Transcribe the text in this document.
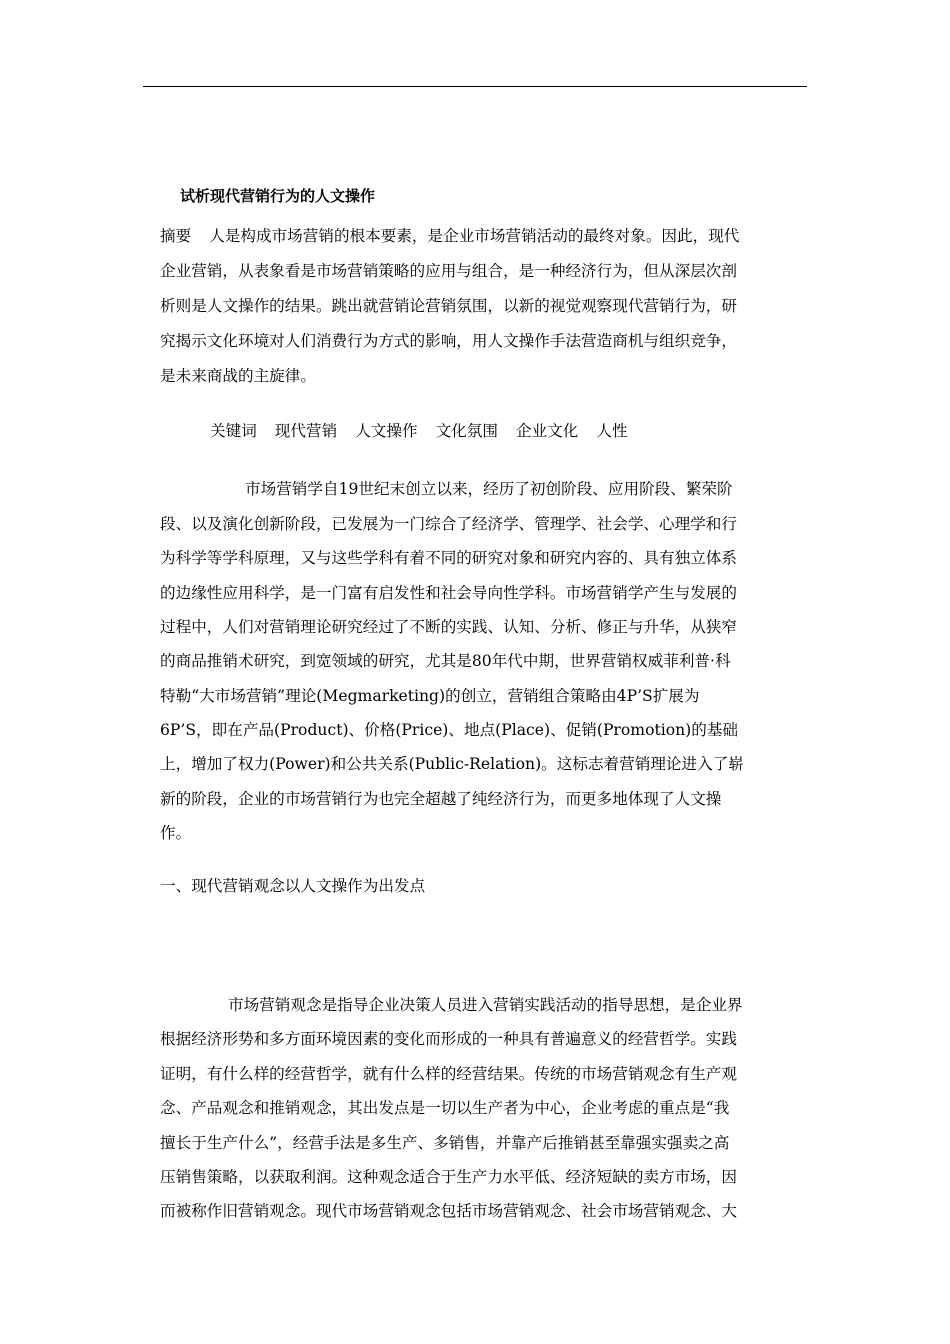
试析现代营销行为的人文操作
摘要 人是构成市场营销的根本要素，是企业市场营销活动的最终对象。因此，现代
企业营销，从表象看是市场营销策略的应用与组合，是一种经济行为，但从深层次剖
析则是人文操作的结果。跳出就营销论营销氛围，以新的视觉观察现代营销行为，研
究揭示文化环境对人们消费行为方式的影响，用人文操作手法营造商机与组织竞争，
是未来商战的主旋律。
关键词 现代营销 人文操作 文化氛围 企业文化 人性
市场营销学自19世纪末创立以来，经历了初创阶段、应用阶段、繁荣阶
段、以及演化创新阶段，已发展为一门综合了经济学、管理学、社会学、心理学和行
为科学等学科原理，又与这些学科有着不同的研究对象和研究内容的、具有独立体系
的边缘性应用科学，是一门富有启发性和社会导向性学科。市场营销学产生与发展的
过程中，人们对营销理论研究经过了不断的实践、认知、分析、修正与升华，从狭窄
的商品推销术研究，到宽领域的研究，尤其是80年代中期，世界营销权威菲利普·科
特勒“大市场营销”理论(Megmarketing)的创立，营销组合策略由4P’S扩展为
6P’S，即在产品(Product)、价格(Price)、地点(Place)、促销(Promotion)的基础
上，增加了权力(Power)和公共关系(Public-Relation)。这标志着营销理论进入了崭
新的阶段，企业的市场营销行为也完全超越了纯经济行为，而更多地体现了人文操
作。
一、现代营销观念以人文操作为出发点
市场营销观念是指导企业决策人员进入营销实践活动的指导思想，是企业界
根据经济形势和多方面环境因素的变化而形成的一种具有普遍意义的经营哲学。实践
证明，有什么样的经营哲学，就有什么样的经营结果。传统的市场营销观念有生产观
念、产品观念和推销观念，其出发点是一切以生产者为中心，企业考虑的重点是“我
擅长于生产什么”，经营手法是多生产、多销售，并靠产后推销甚至靠强实强卖之高
压销售策略，以获取利润。这种观念适合于生产力水平低、经济短缺的卖方市场，因
而被称作旧营销观念。现代市场营销观念包括市场营销观念、社会市场营销观念、大
